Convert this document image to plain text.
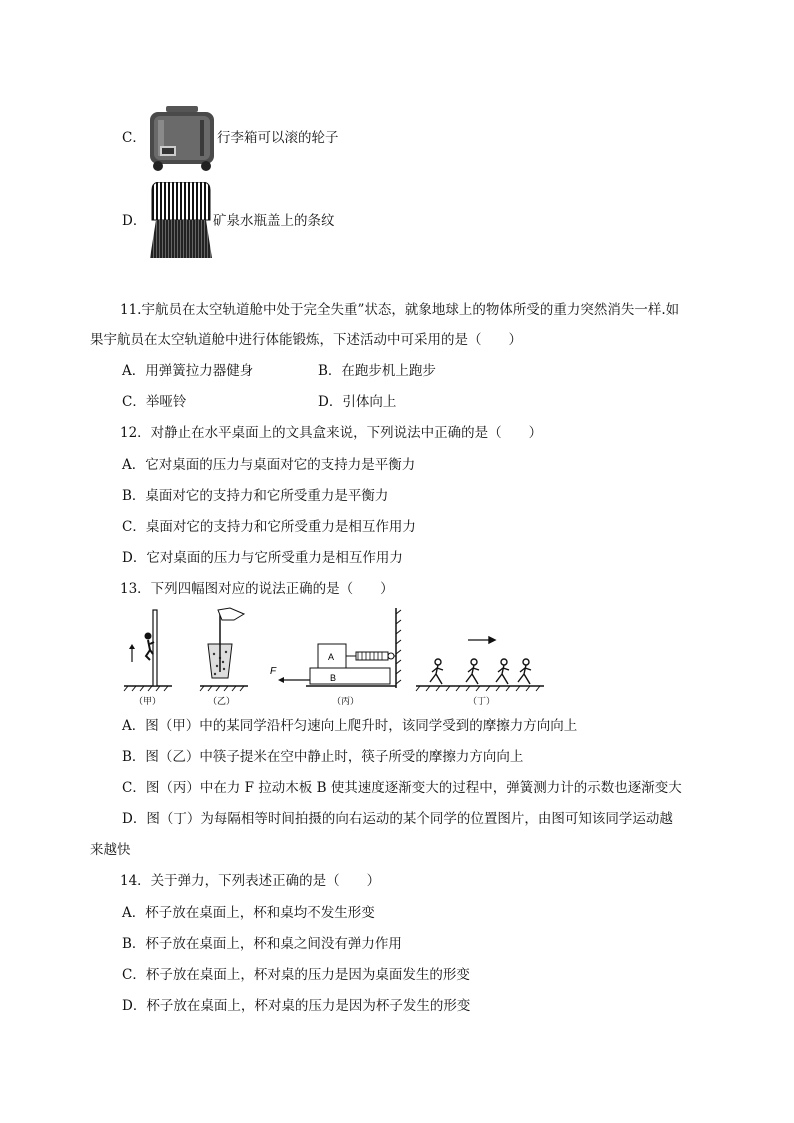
C．	行李箱可以滚的轮子
D．	矿泉水瓶盖上的条纹
11.宇航员在太空轨道舱中处于完全失重”状态，就象地球上的物体所受的重力突然消失一样.如
果宇航员在太空轨道舱中进行体能锻炼，下述活动中可采用的是（　　）
A．用弹簧拉力器健身	B．在跑步机上跑步
C．举哑铃	D．引体向上
12．对静止在水平桌面上的文具盒来说，下列说法中正确的是（　　）
A．它对桌面的压力与桌面对它的支持力是平衡力
B．桌面对它的支持力和它所受重力是平衡力
C．桌面对它的支持力和它所受重力是相互作用力
D．它对桌面的压力与它所受重力是相互作用力
13．下列四幅图对应的说法正确的是（　　）
（甲）	（乙）
A
B
F
（丙）	（丁）
A．图（甲）中的某同学沿杆匀速向上爬升时，该同学受到的摩擦力方向向上
B．图（乙）中筷子提米在空中静止时，筷子所受的摩擦力方向向上
C．图（丙）中在力 F 拉动木板 B 使其速度逐渐变大的过程中，弹簧测力计的示数也逐渐变大
D．图（丁）为每隔相等时间拍摄的向右运动的某个同学的位置图片，由图可知该同学运动越
来越快
14．关于弹力，下列表述正确的是（　　）
A．杯子放在桌面上，杯和桌均不发生形变
B．杯子放在桌面上，杯和桌之间没有弹力作用
C．杯子放在桌面上，杯对桌的压力是因为桌面发生的形变
D．杯子放在桌面上，杯对桌的压力是因为杯子发生的形变
